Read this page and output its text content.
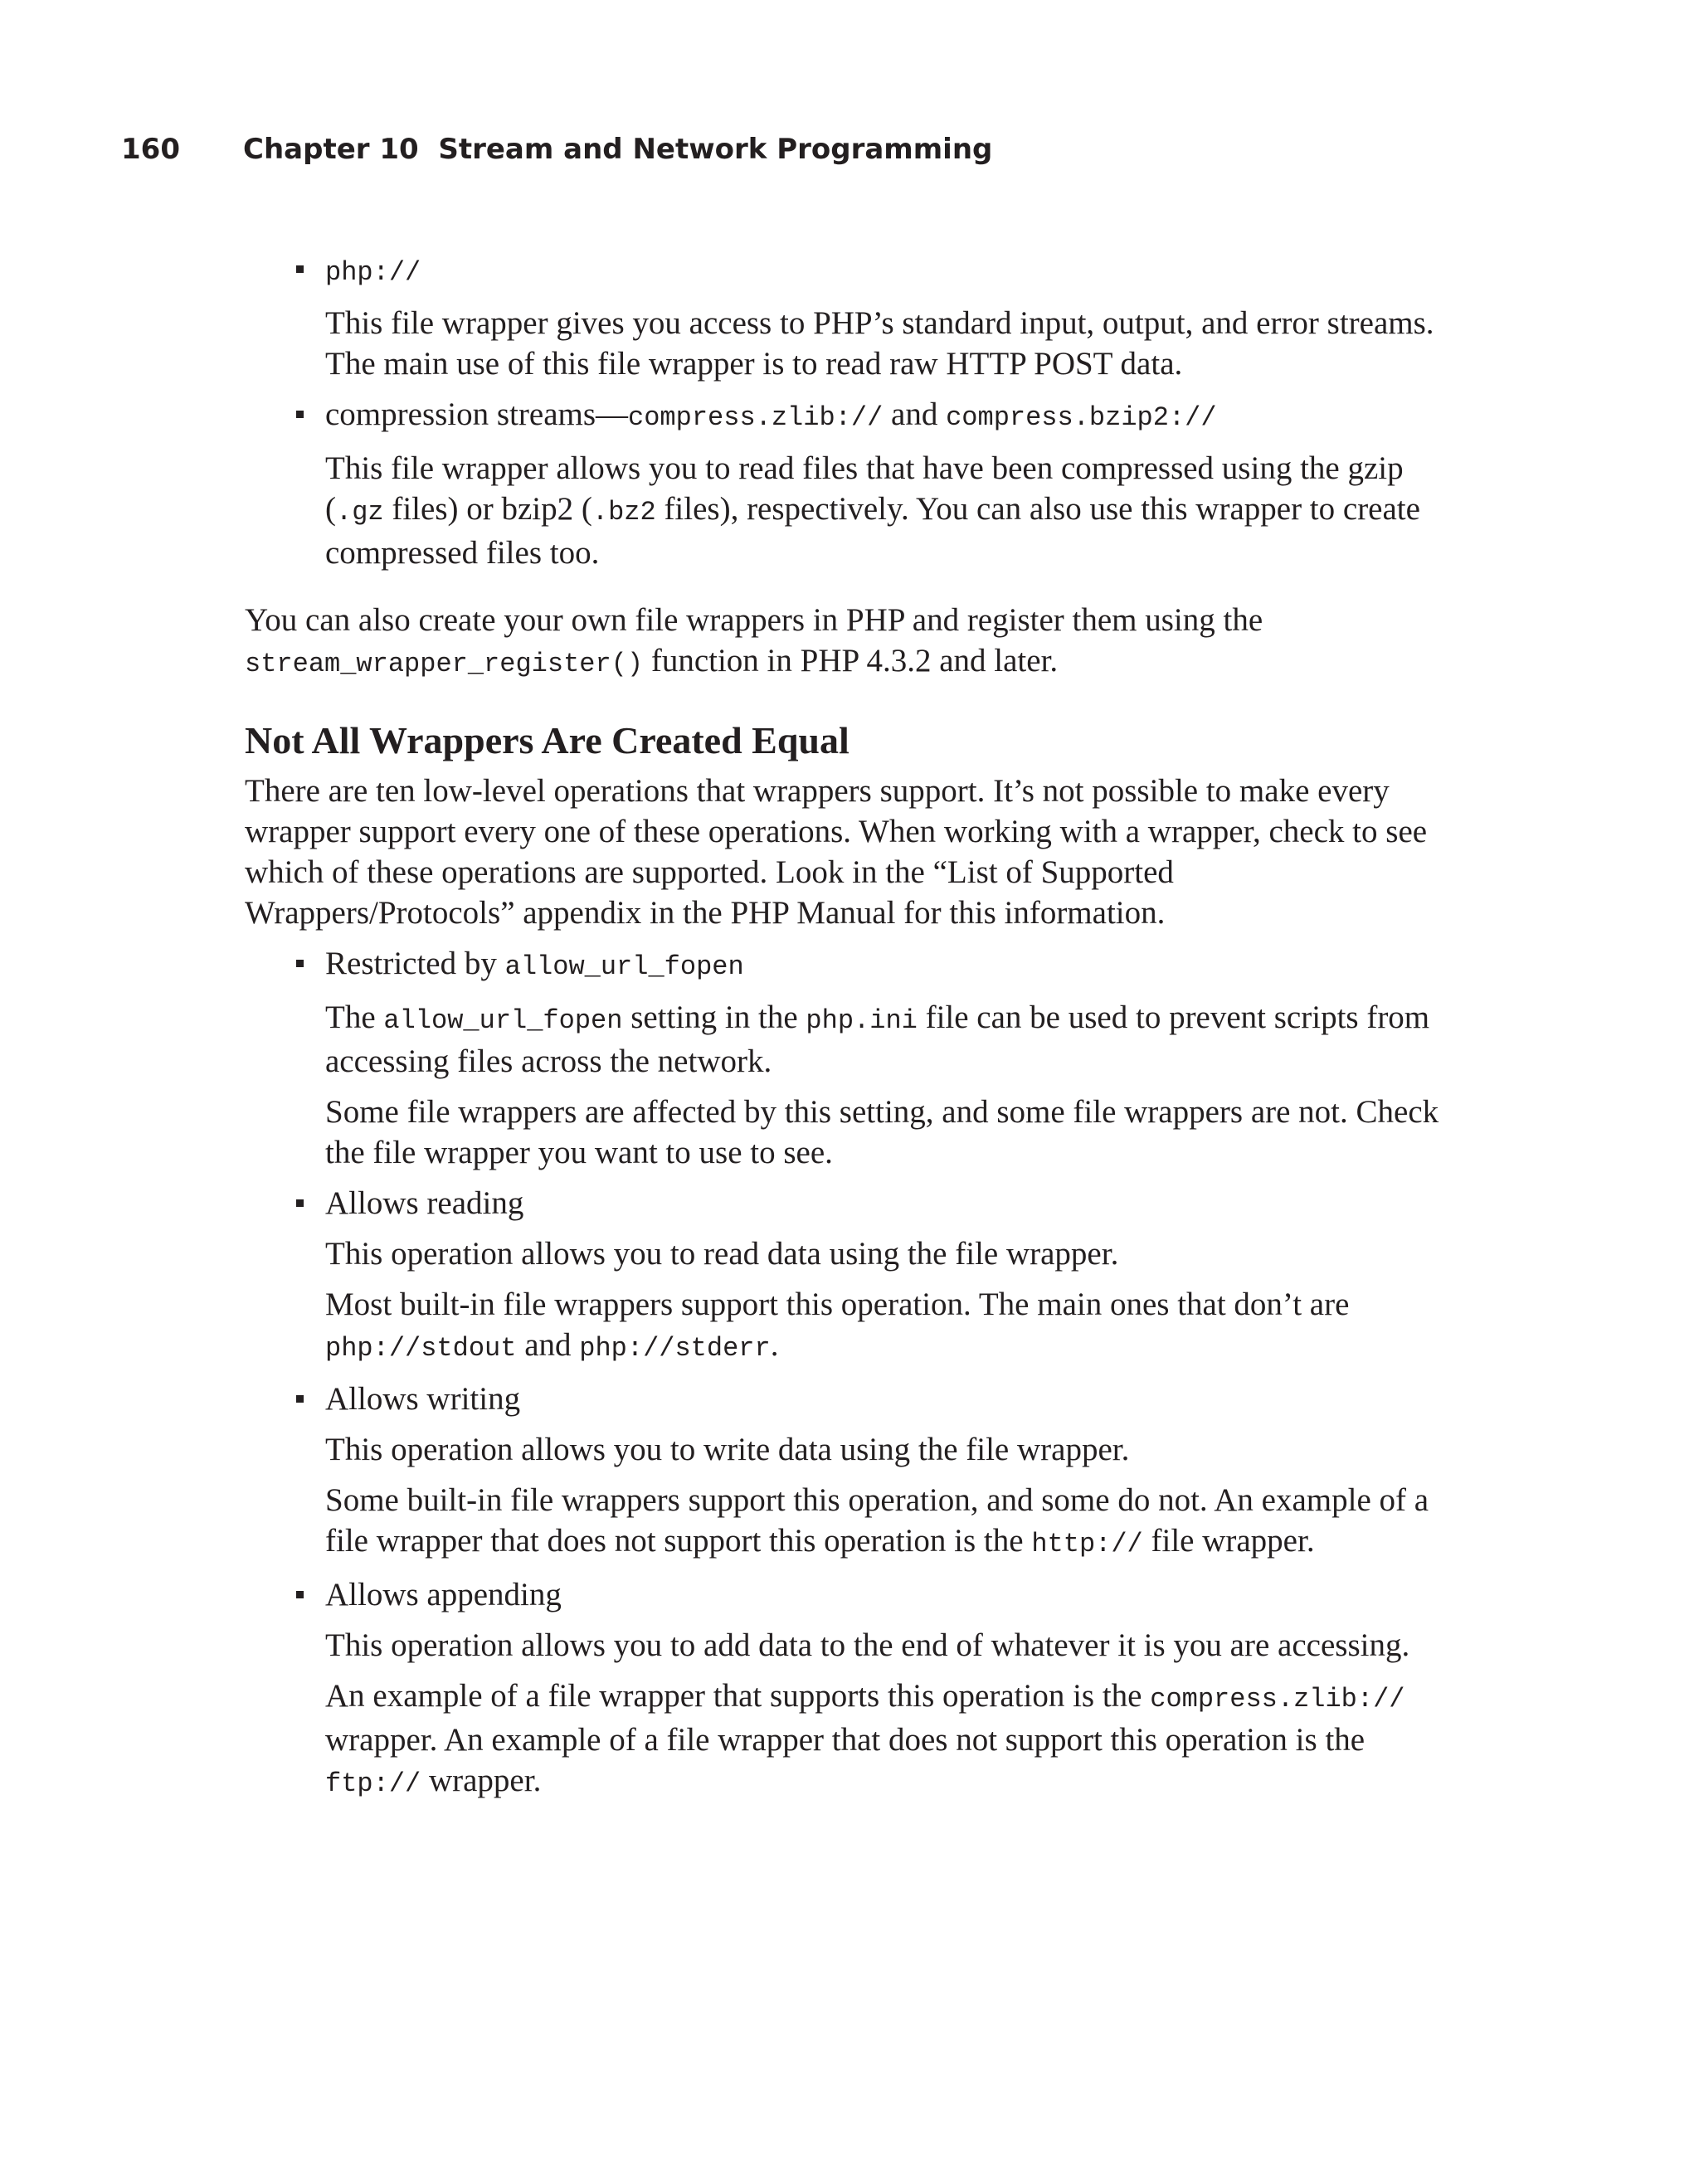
160	Chapter 10 Stream and Network Programming
php://

This file wrapper gives you access to PHP’s standard input, output, and error streams. The main use of this file wrapper is to read raw HTTP POST data.

compression streams—compress.zlib:// and compress.bzip2://

This file wrapper allows you to read files that have been compressed using the gzip (.gz files) or bzip2 (.bz2 files), respectively. You can also use this wrapper to create compressed files too.

You can also create your own file wrappers in PHP and register them using the stream_wrapper_register() function in PHP 4.3.2 and later.

Not All Wrappers Are Created Equal

There are ten low-level operations that wrappers support. It’s not possible to make every wrapper support every one of these operations. When working with a wrapper, check to see which of these operations are supported. Look in the “List of Supported Wrappers/Protocols” appendix in the PHP Manual for this information.

Restricted by allow_url_fopen

The allow_url_fopen setting in the php.ini file can be used to prevent scripts from accessing files across the network.

Some file wrappers are affected by this setting, and some file wrappers are not. Check the file wrapper you want to use to see.

Allows reading

This operation allows you to read data using the file wrapper.

Most built-in file wrappers support this operation. The main ones that don’t are php://stdout and php://stderr.

Allows writing

This operation allows you to write data using the file wrapper.

Some built-in file wrappers support this operation, and some do not. An example of a file wrapper that does not support this operation is the http:// file wrapper.

Allows appending

This operation allows you to add data to the end of whatever it is you are accessing.

An example of a file wrapper that supports this operation is the compress.zlib:// wrapper. An example of a file wrapper that does not support this operation is the ftp:// wrapper.
